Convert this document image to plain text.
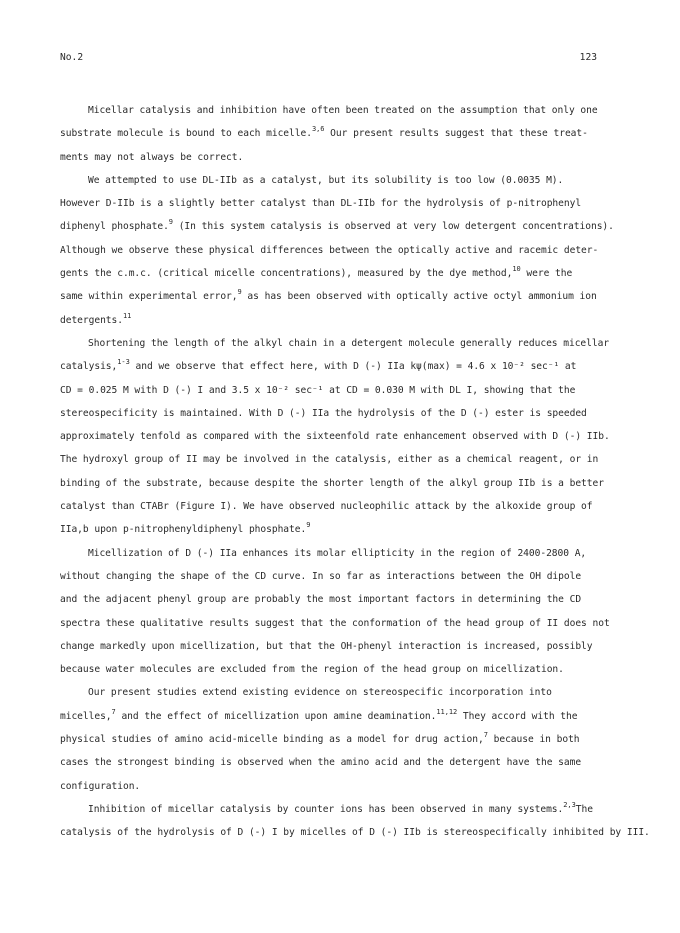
No.2	123

Micellar catalysis and inhibition have often been treated on the assumption that only one

substrate molecule is bound to each micelle.$^{3,6}$ Our present results suggest that these treat-

ments may not always be correct.

We attempted to use DL-IIb as a catalyst, but its solubility is too low (0.0035 M).

However D-IIb is a slightly better catalyst than DL-IIb for the hydrolysis of p-nitrophenyl

diphenyl phosphate.$^9$ (In this system catalysis is observed at very low detergent concentrations).

Although we observe these physical differences between the optically active and racemic deter-

gents the c.m.c. (critical micelle concentrations), measured by the dye method,$^{10}$ were the

same within experimental error,$^9$ as has been observed with optically active octyl ammonium ion

detergents.$^{11}$

Shortening the length of the alkyl chain in a detergent molecule generally reduces micellar

catalysis,$^{1-3}$ and we observe that effect here, with D (-) IIa kψ(max) = 4.6 x 10⁻² sec⁻¹ at

CD = 0.025 M with D (-) I and 3.5 x 10⁻² sec⁻¹ at CD = 0.030 M with DL I, showing that the

stereospecificity is maintained. With D (-) IIa the hydrolysis of the D (-) ester is speeded

approximately tenfold as compared with the sixteenfold rate enhancement observed with D (-) IIb.

The hydroxyl group of II may be involved in the catalysis, either as a chemical reagent, or in

binding of the substrate, because despite the shorter length of the alkyl group IIb is a better

catalyst than CTABr (Figure I). We have observed nucleophilic attack by the alkoxide group of

IIa,b upon p-nitrophenyldiphenyl phosphate.$^9$

Micellization of D (-) IIa enhances its molar ellipticity in the region of 2400-2800 A,

without changing the shape of the CD curve. In so far as interactions between the OH dipole

and the adjacent phenyl group are probably the most important factors in determining the CD

spectra these qualitative results suggest that the conformation of the head group of II does not

change markedly upon micellization, but that the OH-phenyl interaction is increased, possibly

because water molecules are excluded from the region of the head group on micellization.

Our present studies extend existing evidence on stereospecific incorporation into

micelles,$^7$ and the effect of micellization upon amine deamination.$^{11,12}$ They accord with the

physical studies of amino acid-micelle binding as a model for drug action,$^7$ because in both

cases the strongest binding is observed when the amino acid and the detergent have the same

configuration.

Inhibition of micellar catalysis by counter ions has been observed in many systems.$^{2,3}$The

catalysis of the hydrolysis of D (-) I by micelles of D (-) IIb is stereospecifically inhibited by III.
